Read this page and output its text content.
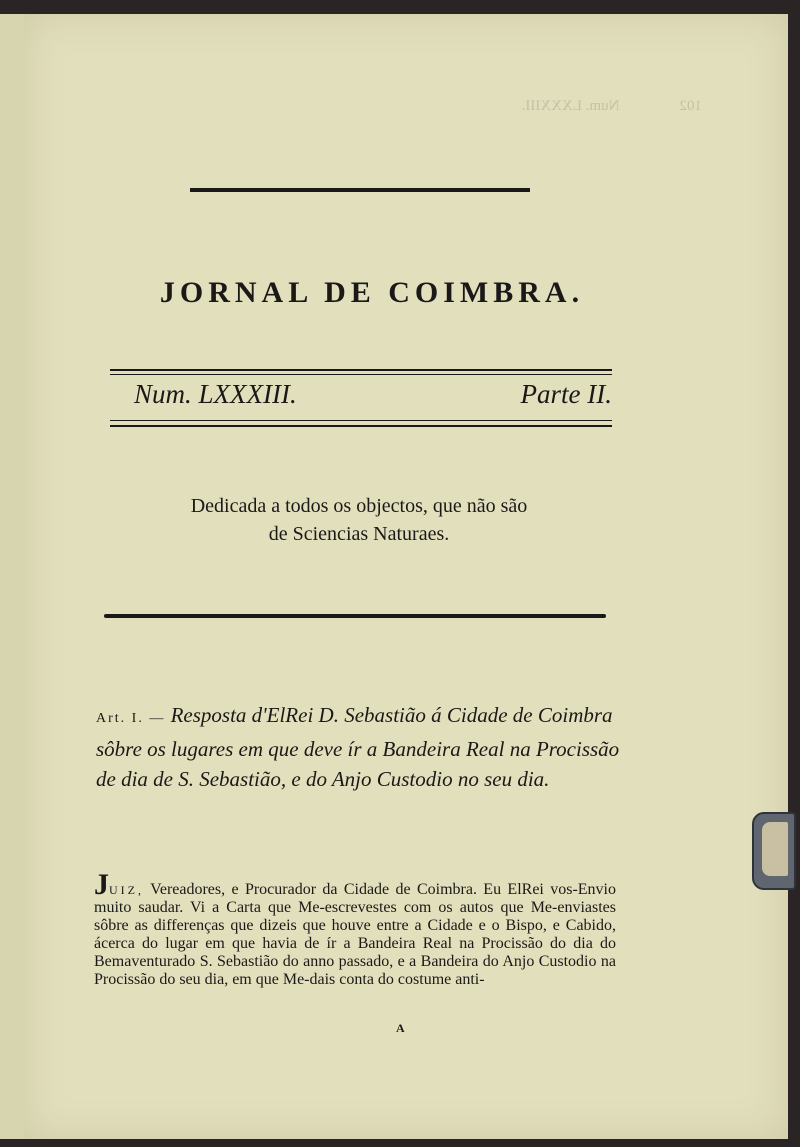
102                Num. LXXXIII.
JORNAL DE COIMBRA.
Num. LXXXIII.	Parte II.
Dedicada a todos os objectos, que não são
de Sciencias Naturaes.
Art. I. — Resposta d'ElRei D. Sebastião á Cidade de Coimbra sôbre os lugares em que deve ír a Bandeira Real na Procissão de dia de S. Sebastião, e do Anjo Custodio no seu dia.
JUIZ, Vereadores, e Procurador da Cidade de Coimbra. Eu ElRei vos-Envio muito saudar. Vi a Carta que Me-escrevestes com os autos que Me-enviastes sôbre as differenças que dizeis que houve entre a Cidade e o Bispo, e Cabido, ácerca do lugar em que havia de ír a Bandeira Real na Procissão do dia do Bemaventurado S. Sebastião do anno passado, e a Bandeira do Anjo Custodio na Procissão do seu dia, em que Me-dais conta do costume anti-
A
